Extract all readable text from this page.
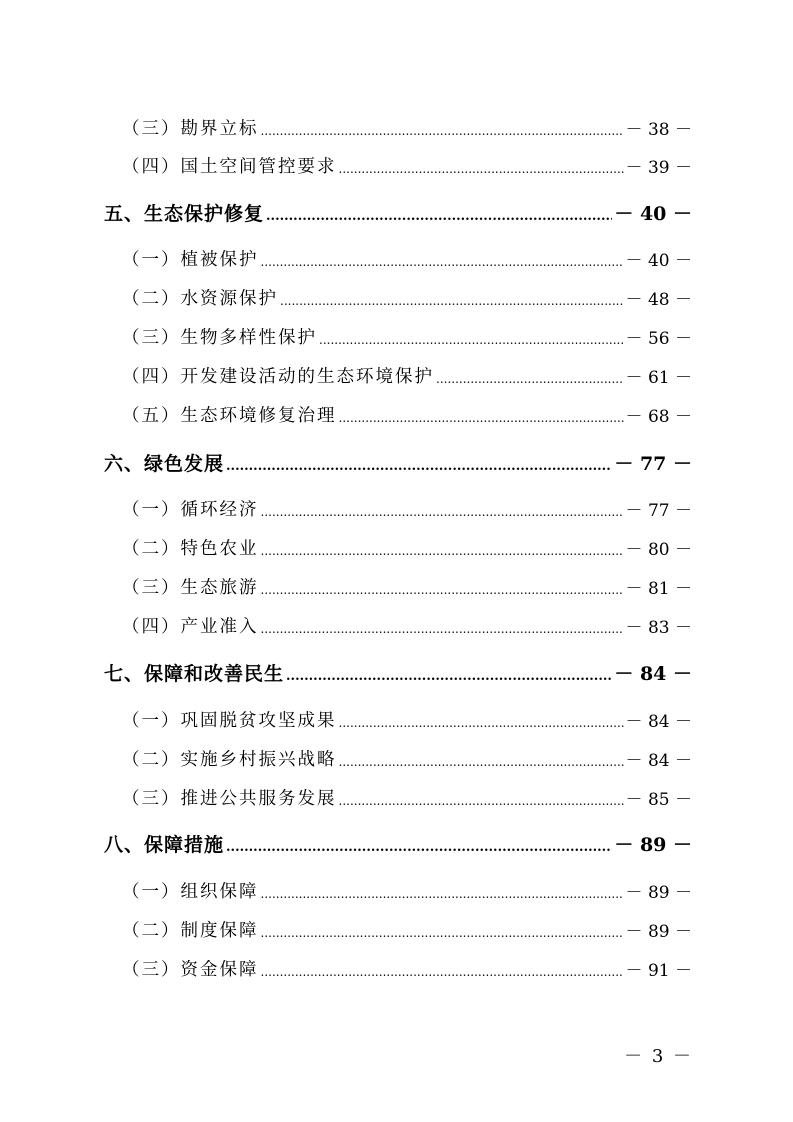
（三）勘界立标 .....	－ 38 －
（四）国土空间管控要求 .....	－ 39 －
五、生态保护修复 .....	－ 40 －
（一）植被保护 .....	－ 40 －
（二）水资源保护 .....	－ 48 －
（三）生物多样性保护 .....	－ 56 －
（四）开发建设活动的生态环境保护 .....	－ 61 －
（五）生态环境修复治理 .....	－ 68 －
六、绿色发展 .....	－ 77 －
（一）循环经济 .....	－ 77 －
（二）特色农业 .....	－ 80 －
（三）生态旅游 .....	－ 81 －
（四）产业准入 .....	－ 83 －
七、保障和改善民生 .....	－ 84 －
（一）巩固脱贫攻坚成果 .....	－ 84 －
（二）实施乡村振兴战略 .....	－ 84 －
（三）推进公共服务发展 .....	－ 85 －
八、保障措施 .....	－ 89 －
（一）组织保障 .....	－ 89 －
（二）制度保障 .....	－ 89 －
（三）资金保障 .....	－ 91 －
－ 3 －
